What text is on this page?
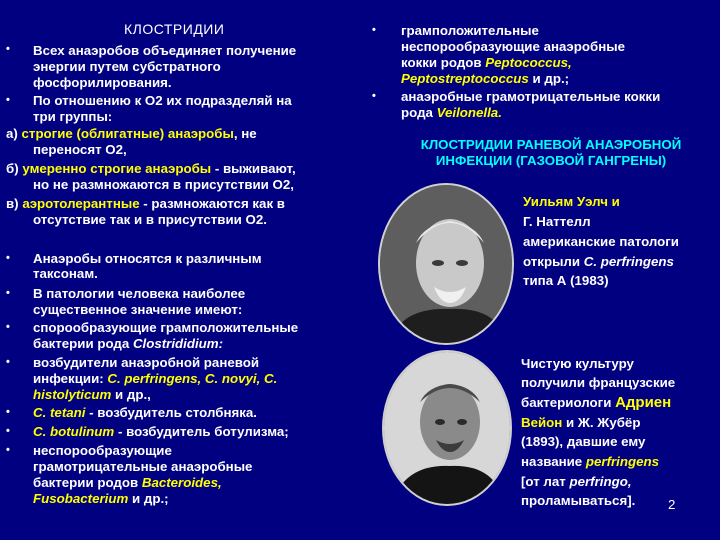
КЛОСТРИДИИ
• Всех анаэробов объединяет получение
энергии путем субстратного
фосфорилирования.
• По отношению к О2 их подразделяй на
три группы:
а) строгие (облигатные) анаэробы, не
переносят О2,
б) умеренно строгие анаэробы - выживают,
но не размножаются в присутствии О2,
в) аэротолерантные - размножаются как в
отсутствие так и в присутствии О2.
• Анаэробы относятся к различным
таксонам.
• В патологии человека наиболее
существенное значение имеют:
• спорообразующие грамположительные
бактерии рода Clostrididium:
• возбудители анаэробной раневой
инфекции: C. perfringens, C. novyi, C.
histolyticum и др.,
• C. tetani - возбудитель столбняка.
• C. botulinum - возбудитель ботулизма;
• неспорообразующие
грамотрицательные анаэробные
бактерии родов Bacteroides,
Fusobacterium и др.;
• грамположительные
неспорообразующие анаэробные
кокки родов Peptococcus,
Peptostreptococcus и др.;
• анаэробные грамотрицательные кокки
рода Veilonella.
КЛОСТРИДИИ РАНЕВОЙ АНАЭРОБНОЙ
ИНФЕКЦИИ (ГАЗОВОЙ ГАНГРЕНЫ)
Уильям Уэлч и
Г. Наттелл
американские патологи
открыли C. perfringens
типа А (1983)
Чистую культуру
получили французские
бактериологи Адриен
Вейон и Ж. Жубёр
(1893), давшие ему
название perfringens
[от лат perfringo,
проламываться]. 2
